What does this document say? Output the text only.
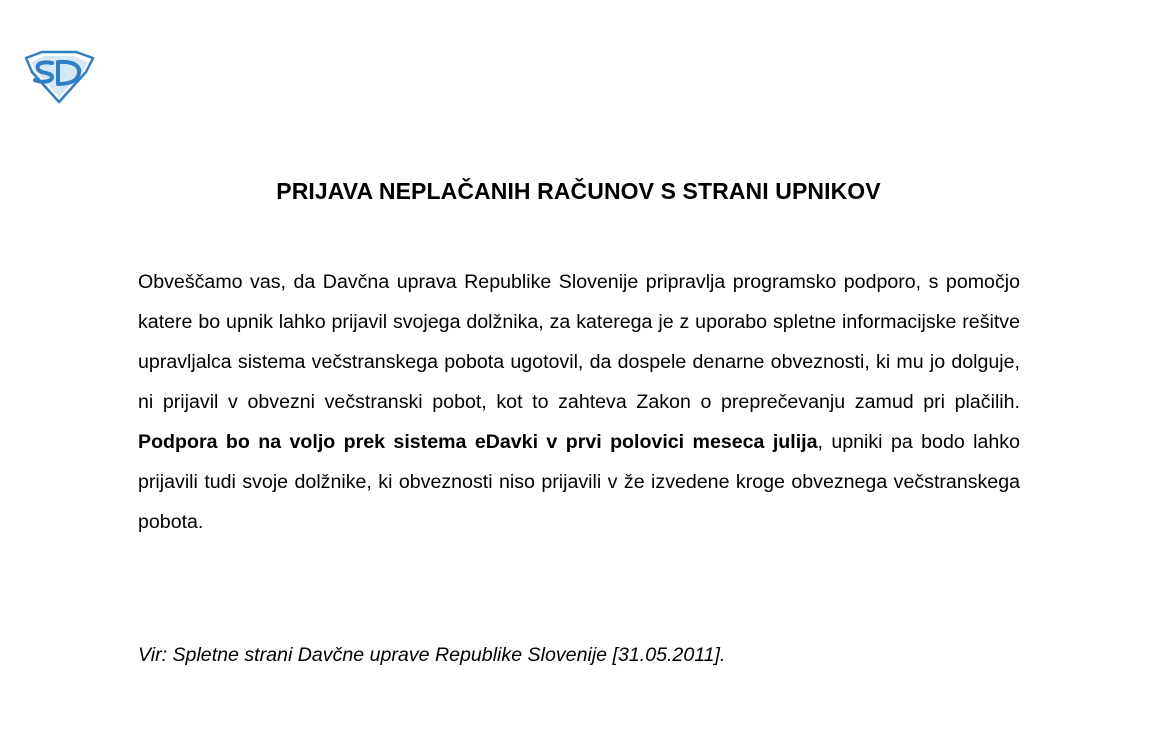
PRIJAVA NEPLAČANIH RAČUNOV S STRANI UPNIKOV

Obveščamo vas, da Davčna uprava Republike Slovenije pripravlja programsko podporo, s pomočjo katere bo upnik lahko prijavil svojega dolžnika, za katerega je z uporabo spletne informacijske rešitve upravljalca sistema večstranskega pobota ugotovil, da dospele denarne obveznosti, ki mu jo dolguje, ni prijavil v obvezni večstranski pobot, kot to zahteva Zakon o preprečevanju zamud pri plačilih. Podpora bo na voljo prek sistema eDavki v prvi polovici meseca julija, upniki pa bodo lahko prijavili tudi svoje dolžnike, ki obveznosti niso prijavili v že izvedene kroge obveznega večstranskega pobota.

Vir: Spletne strani Davčne uprave Republike Slovenije [31.05.2011].
